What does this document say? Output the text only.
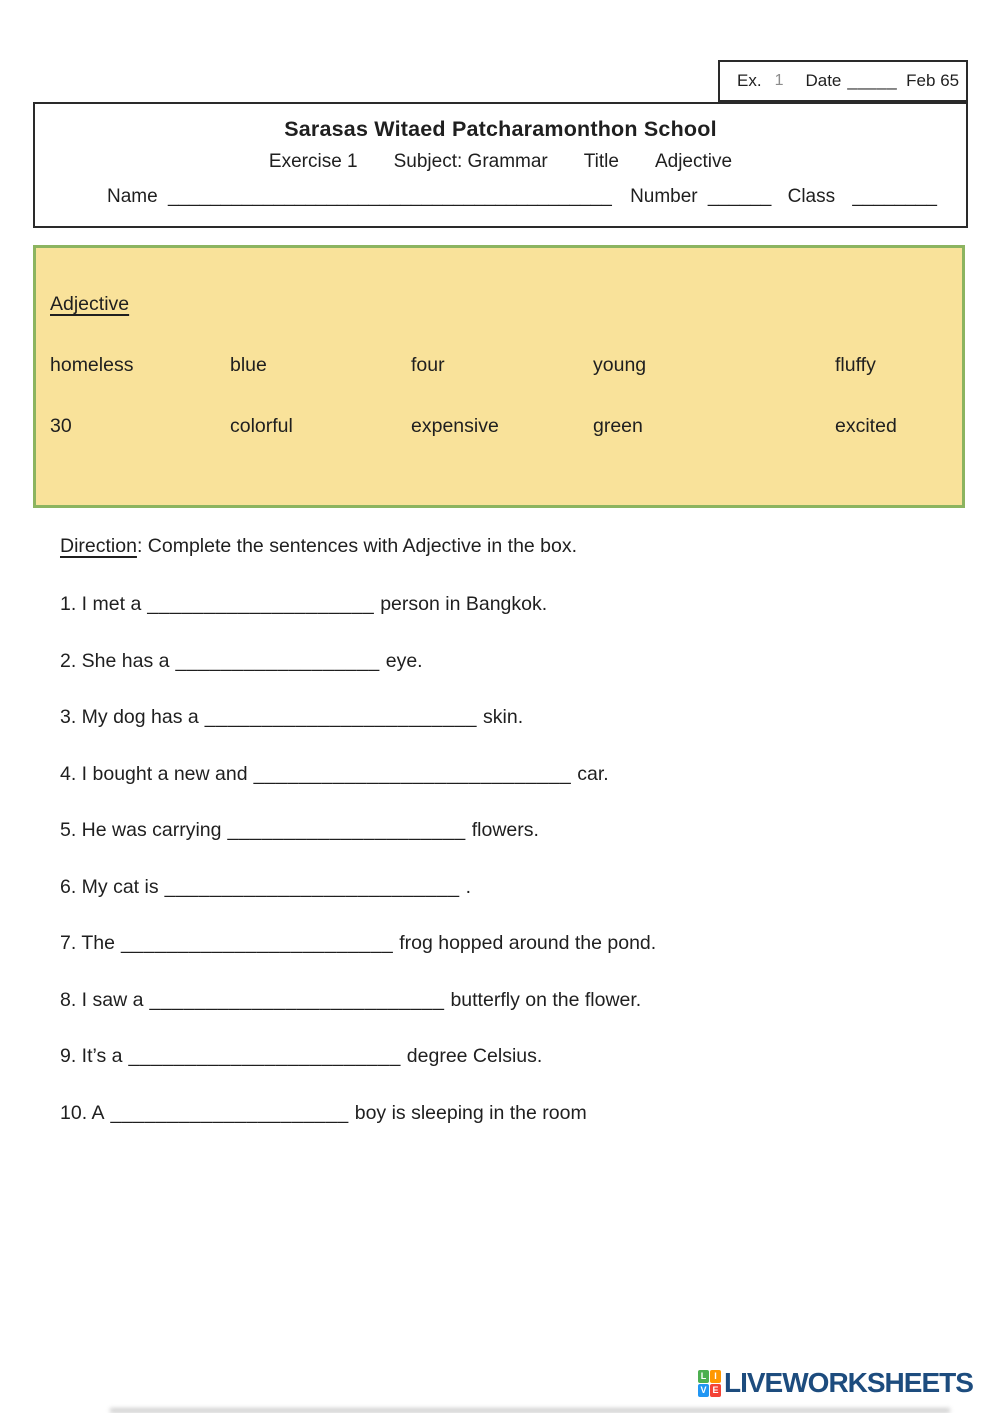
Ex. 1 Date _____ Feb 65
Sarasas Witaed Patcharamonthon School
Exercise 1 Subject: Grammar Title Adjective
Name __________________________________________ Number ______ Class ________
Adjective
homeless	blue	four	young	fluffy
30	colorful	expensive	green	excited
Direction: Complete the sentences with Adjective in the box.
1. I met a ____________________ person in Bangkok.
2. She has a __________________ eye.
3. My dog has a ________________________ skin.
4. I bought a new and ____________________________ car.
5. He was carrying _____________________ flowers.
6. My cat is __________________________ .
7. The ________________________ frog hopped around the pond.
8. I saw a __________________________ butterfly on the flower.
9. It’s a ________________________ degree Celsius.
10. A _____________________ boy is sleeping in the room
L I
V E LIVEWORKSHEETS
